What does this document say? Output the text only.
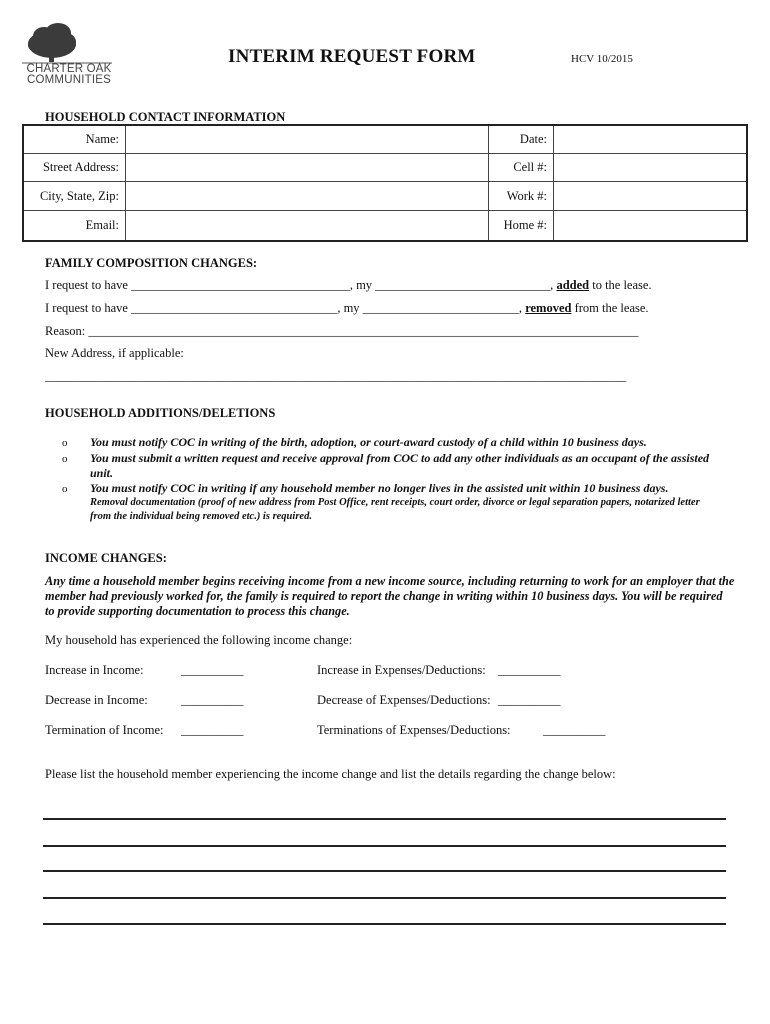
CHARTER OAK
COMMUNITIES
INTERIM REQUEST FORM	HCV 10/2015
HOUSEHOLD CONTACT INFORMATION
Name:		Date:	
Street Address:		Cell #:	
City, State, Zip:		Work #:	
Email:		Home #:	
FAMILY COMPOSITION CHANGES:
I request to have ___________________________________, my ____________________________, added to the lease.
I request to have _________________________________, my _________________________, removed from the lease.
Reason: ________________________________________________________________________________________
New Address, if applicable:
_____________________________________________________________________________________________
HOUSEHOLD ADDITIONS/DELETIONS
o	You must notify COC in writing of the birth, adoption, or court-award custody of a child within 10 business days.
o	You must submit a written request and receive approval from COC to add any other individuals as an occupant of the assisted unit.
o	You must notify COC in writing if any household member no longer lives in the assisted unit within 10 business days.
Removal documentation (proof of new address from Post Office, rent receipts, court order, divorce or legal separation papers, notarized letter from the individual being removed etc.) is required.
INCOME CHANGES:
Any time a household member begins receiving income from a new income source, including returning to work for an employer that the member had previously worked for, the family is required to report the change in writing within 10 business days. You will be required to provide supporting documentation to process this change.
My household has experienced the following income change:
Increase in Income:	__________	Increase in Expenses/Deductions: __________
Decrease in Income:	__________	Decrease of Expenses/Deductions: __________
Termination of Income: __________	Terminations of Expenses/Deductions:	__________
Please list the household member experiencing the income change and list the details regarding the change below:
